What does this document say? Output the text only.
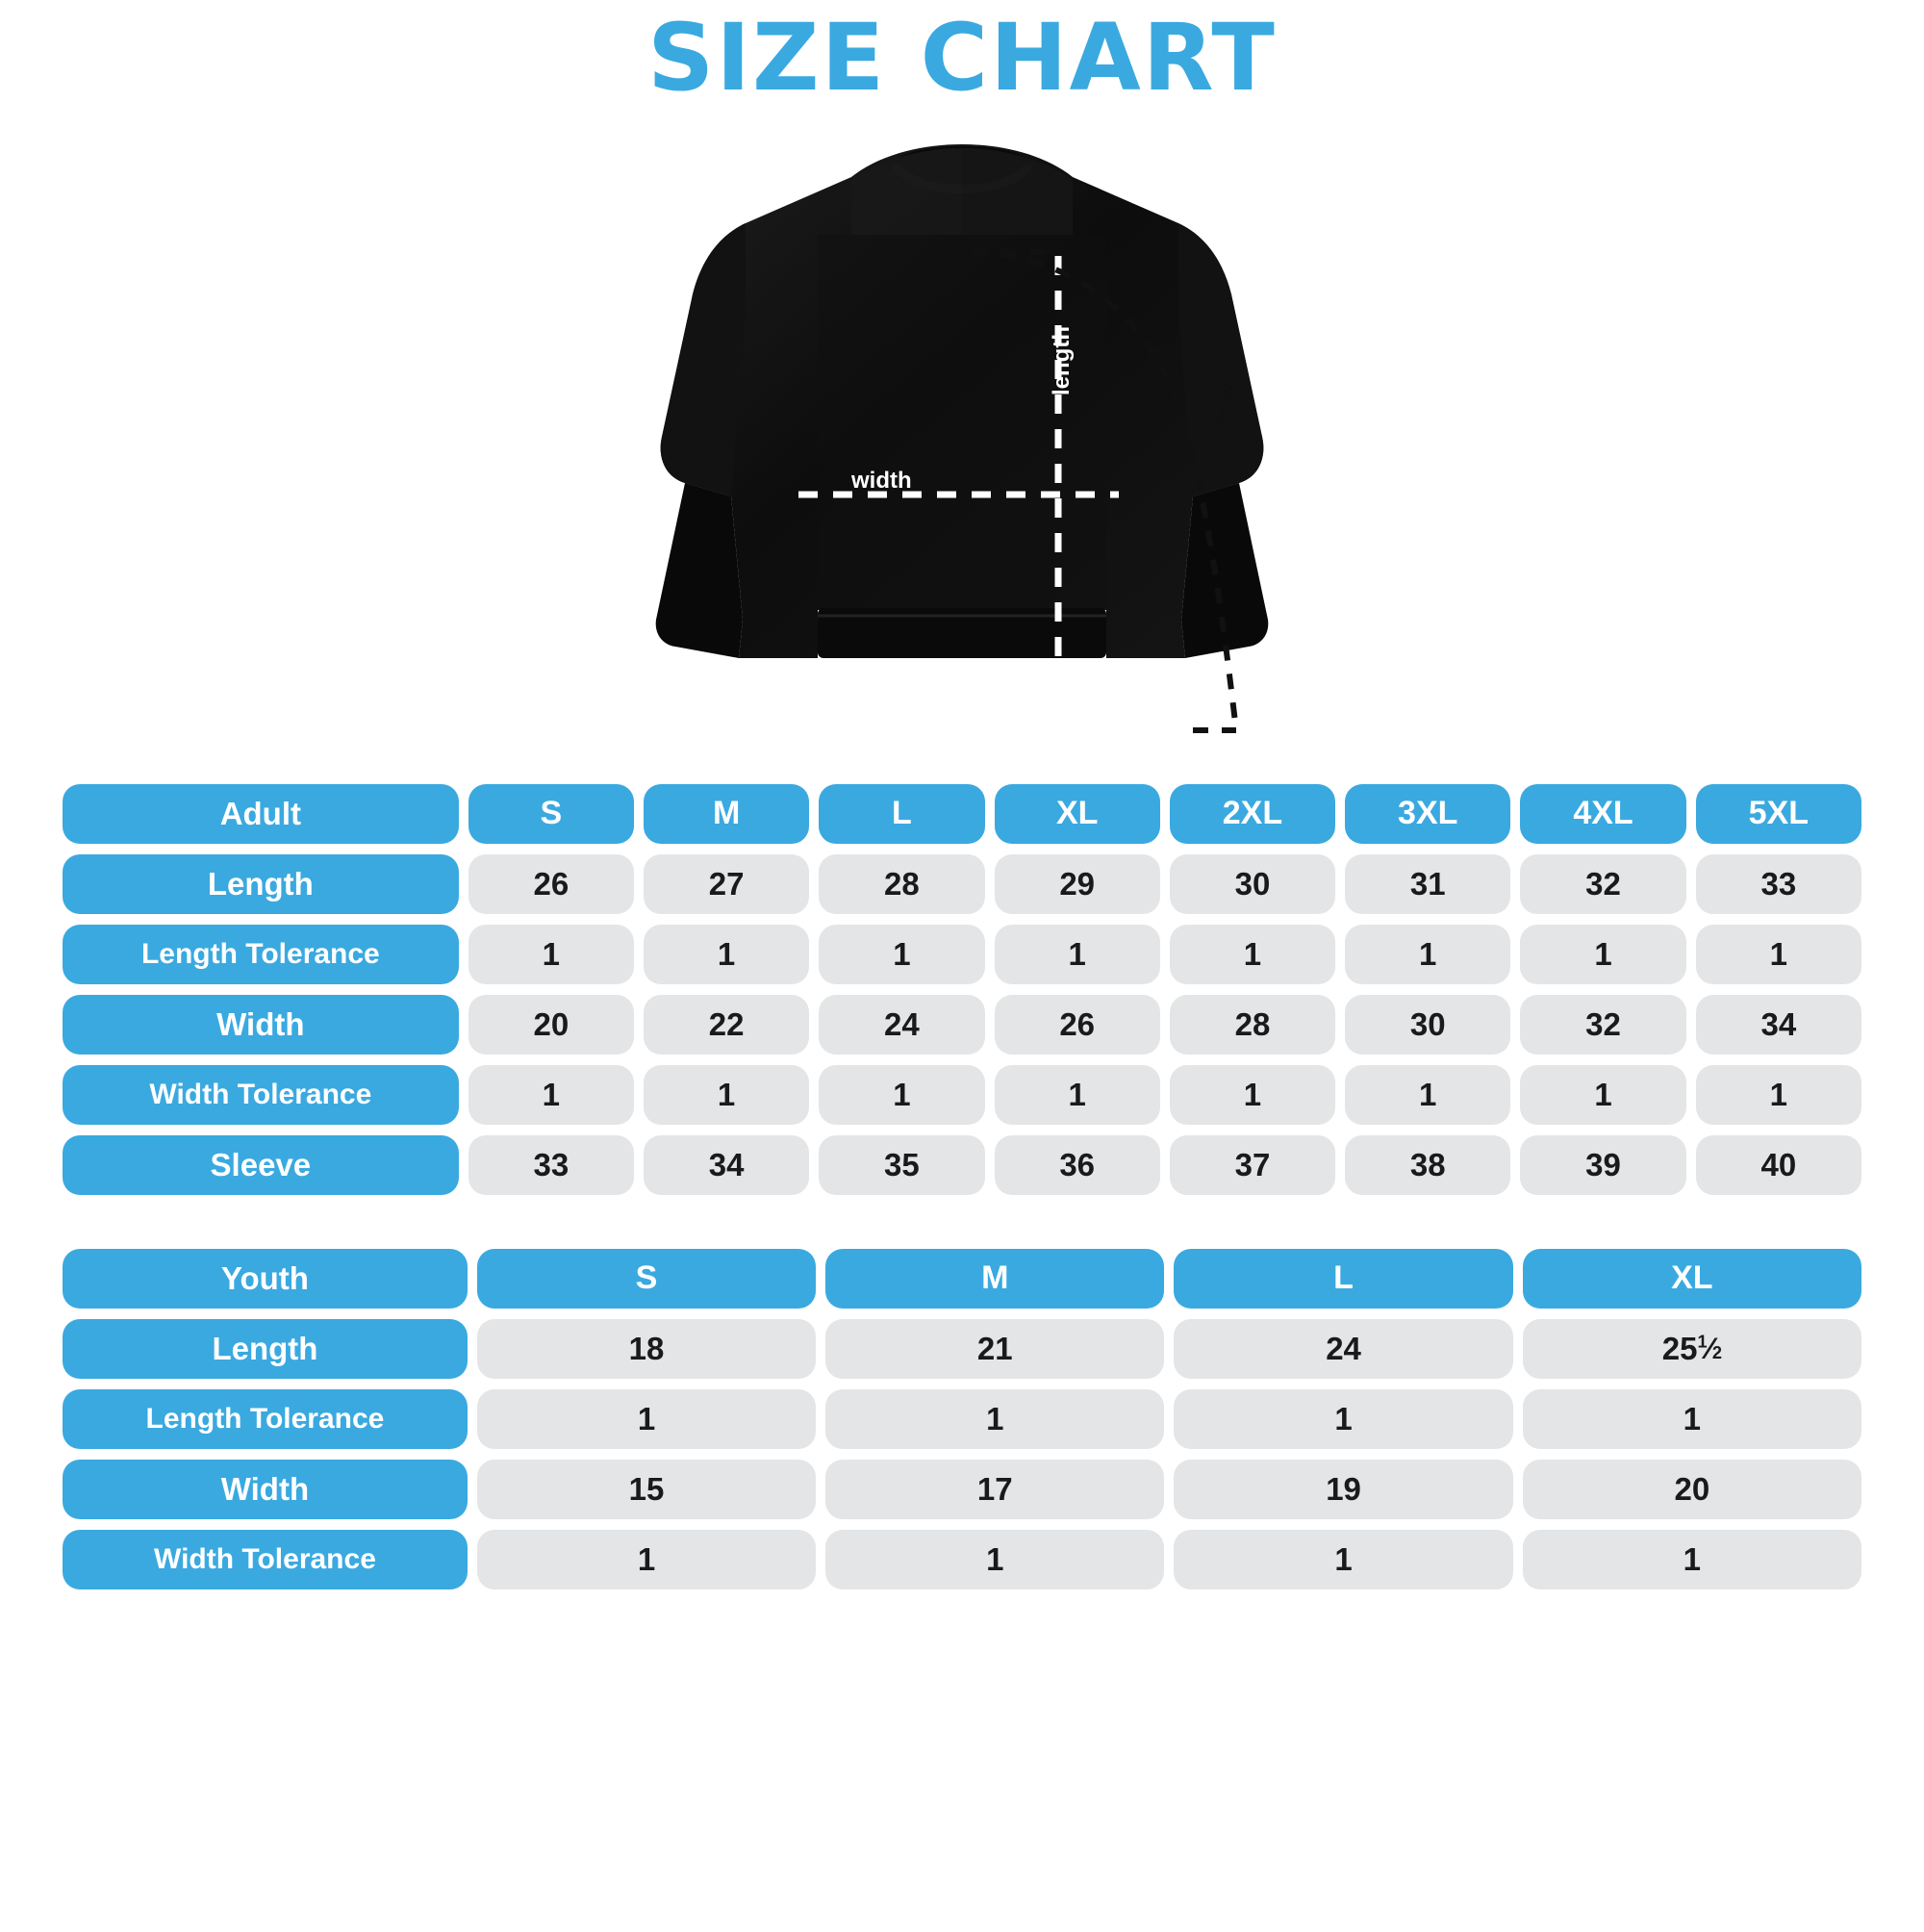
SIZE CHART
width
length
sleeve
Adult	S	M	L	XL	2XL	3XL	4XL	5XL

Length	26	27	28	29	30	31	32	33

Length Tolerance	1	1	1	1	1	1	1	1

Width	20	22	24	26	28	30	32	34

Width Tolerance	1	1	1	1	1	1	1	1

Sleeve	33	34	35	36	37	38	39	40
Youth	S	M	L	XL

Length	18	21	24	25 $^1$⁄2

Length Tolerance	1	1	1	1

Width	15	17	19	20

Width Tolerance	1	1	1	1
